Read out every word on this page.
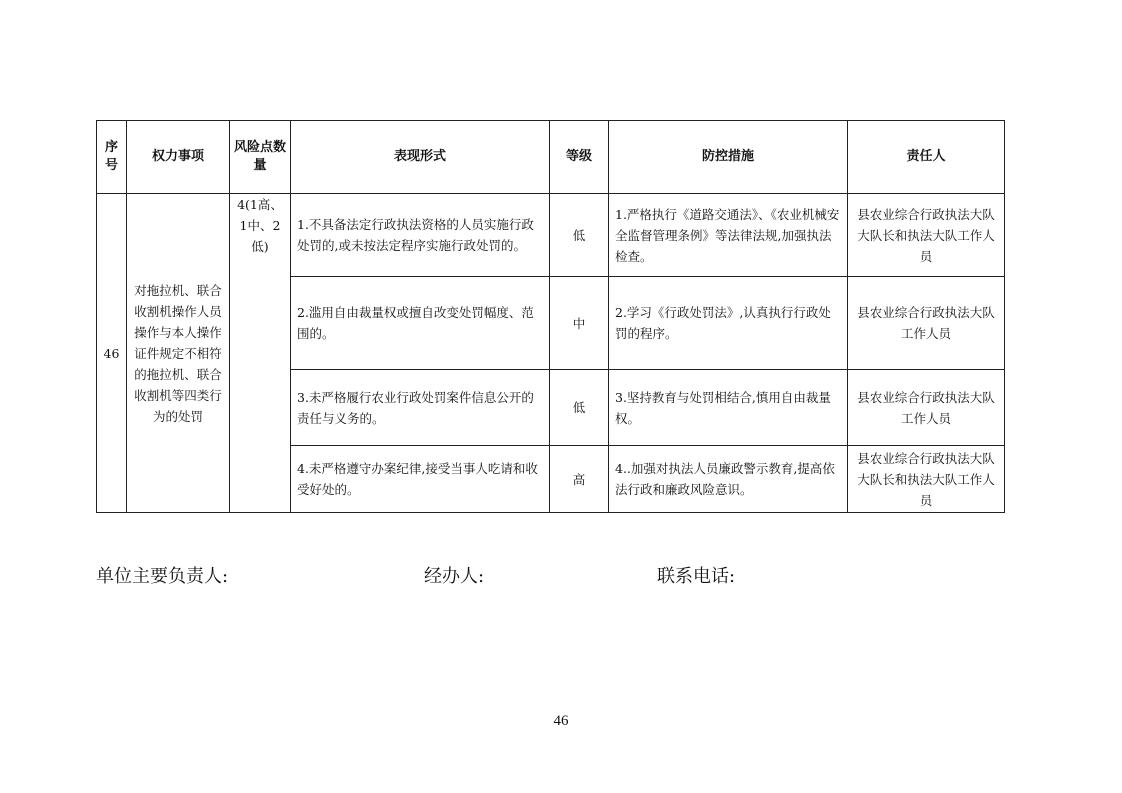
序号	权力事项	风险点数量	表现形式	等级	防控措施	责任人
46	对拖拉机、联合收割机操作人员操作与本人操作证件规定不相符的拖拉机、联合收割机等四类行为的处罚	4(1高、1中、2低)	1.不具备法定行政执法资格的人员实施行政处罚的,或未按法定程序实施行政处罚的。	低	1.严格执行《道路交通法》、《农业机械安全监督管理条例》等法律法规,加强执法检查。	县农业综合行政执法大队大队长和执法大队工作人员
			2.滥用自由裁量权或擅自改变处罚幅度、范围的。	中	2.学习《行政处罚法》,认真执行行政处罚的程序。	县农业综合行政执法大队工作人员
			3.未严格履行农业行政处罚案件信息公开的责任与义务的。	低	3.坚持教育与处罚相结合,慎用自由裁量权。	县农业综合行政执法大队工作人员
			4.未严格遵守办案纪律,接受当事人吃请和收受好处的。	高	4..加强对执法人员廉政警示教育,提高依法行政和廉政风险意识。	县农业综合行政执法大队大队长和执法大队工作人员
单位主要负责人:	经办人:	联系电话:
46
